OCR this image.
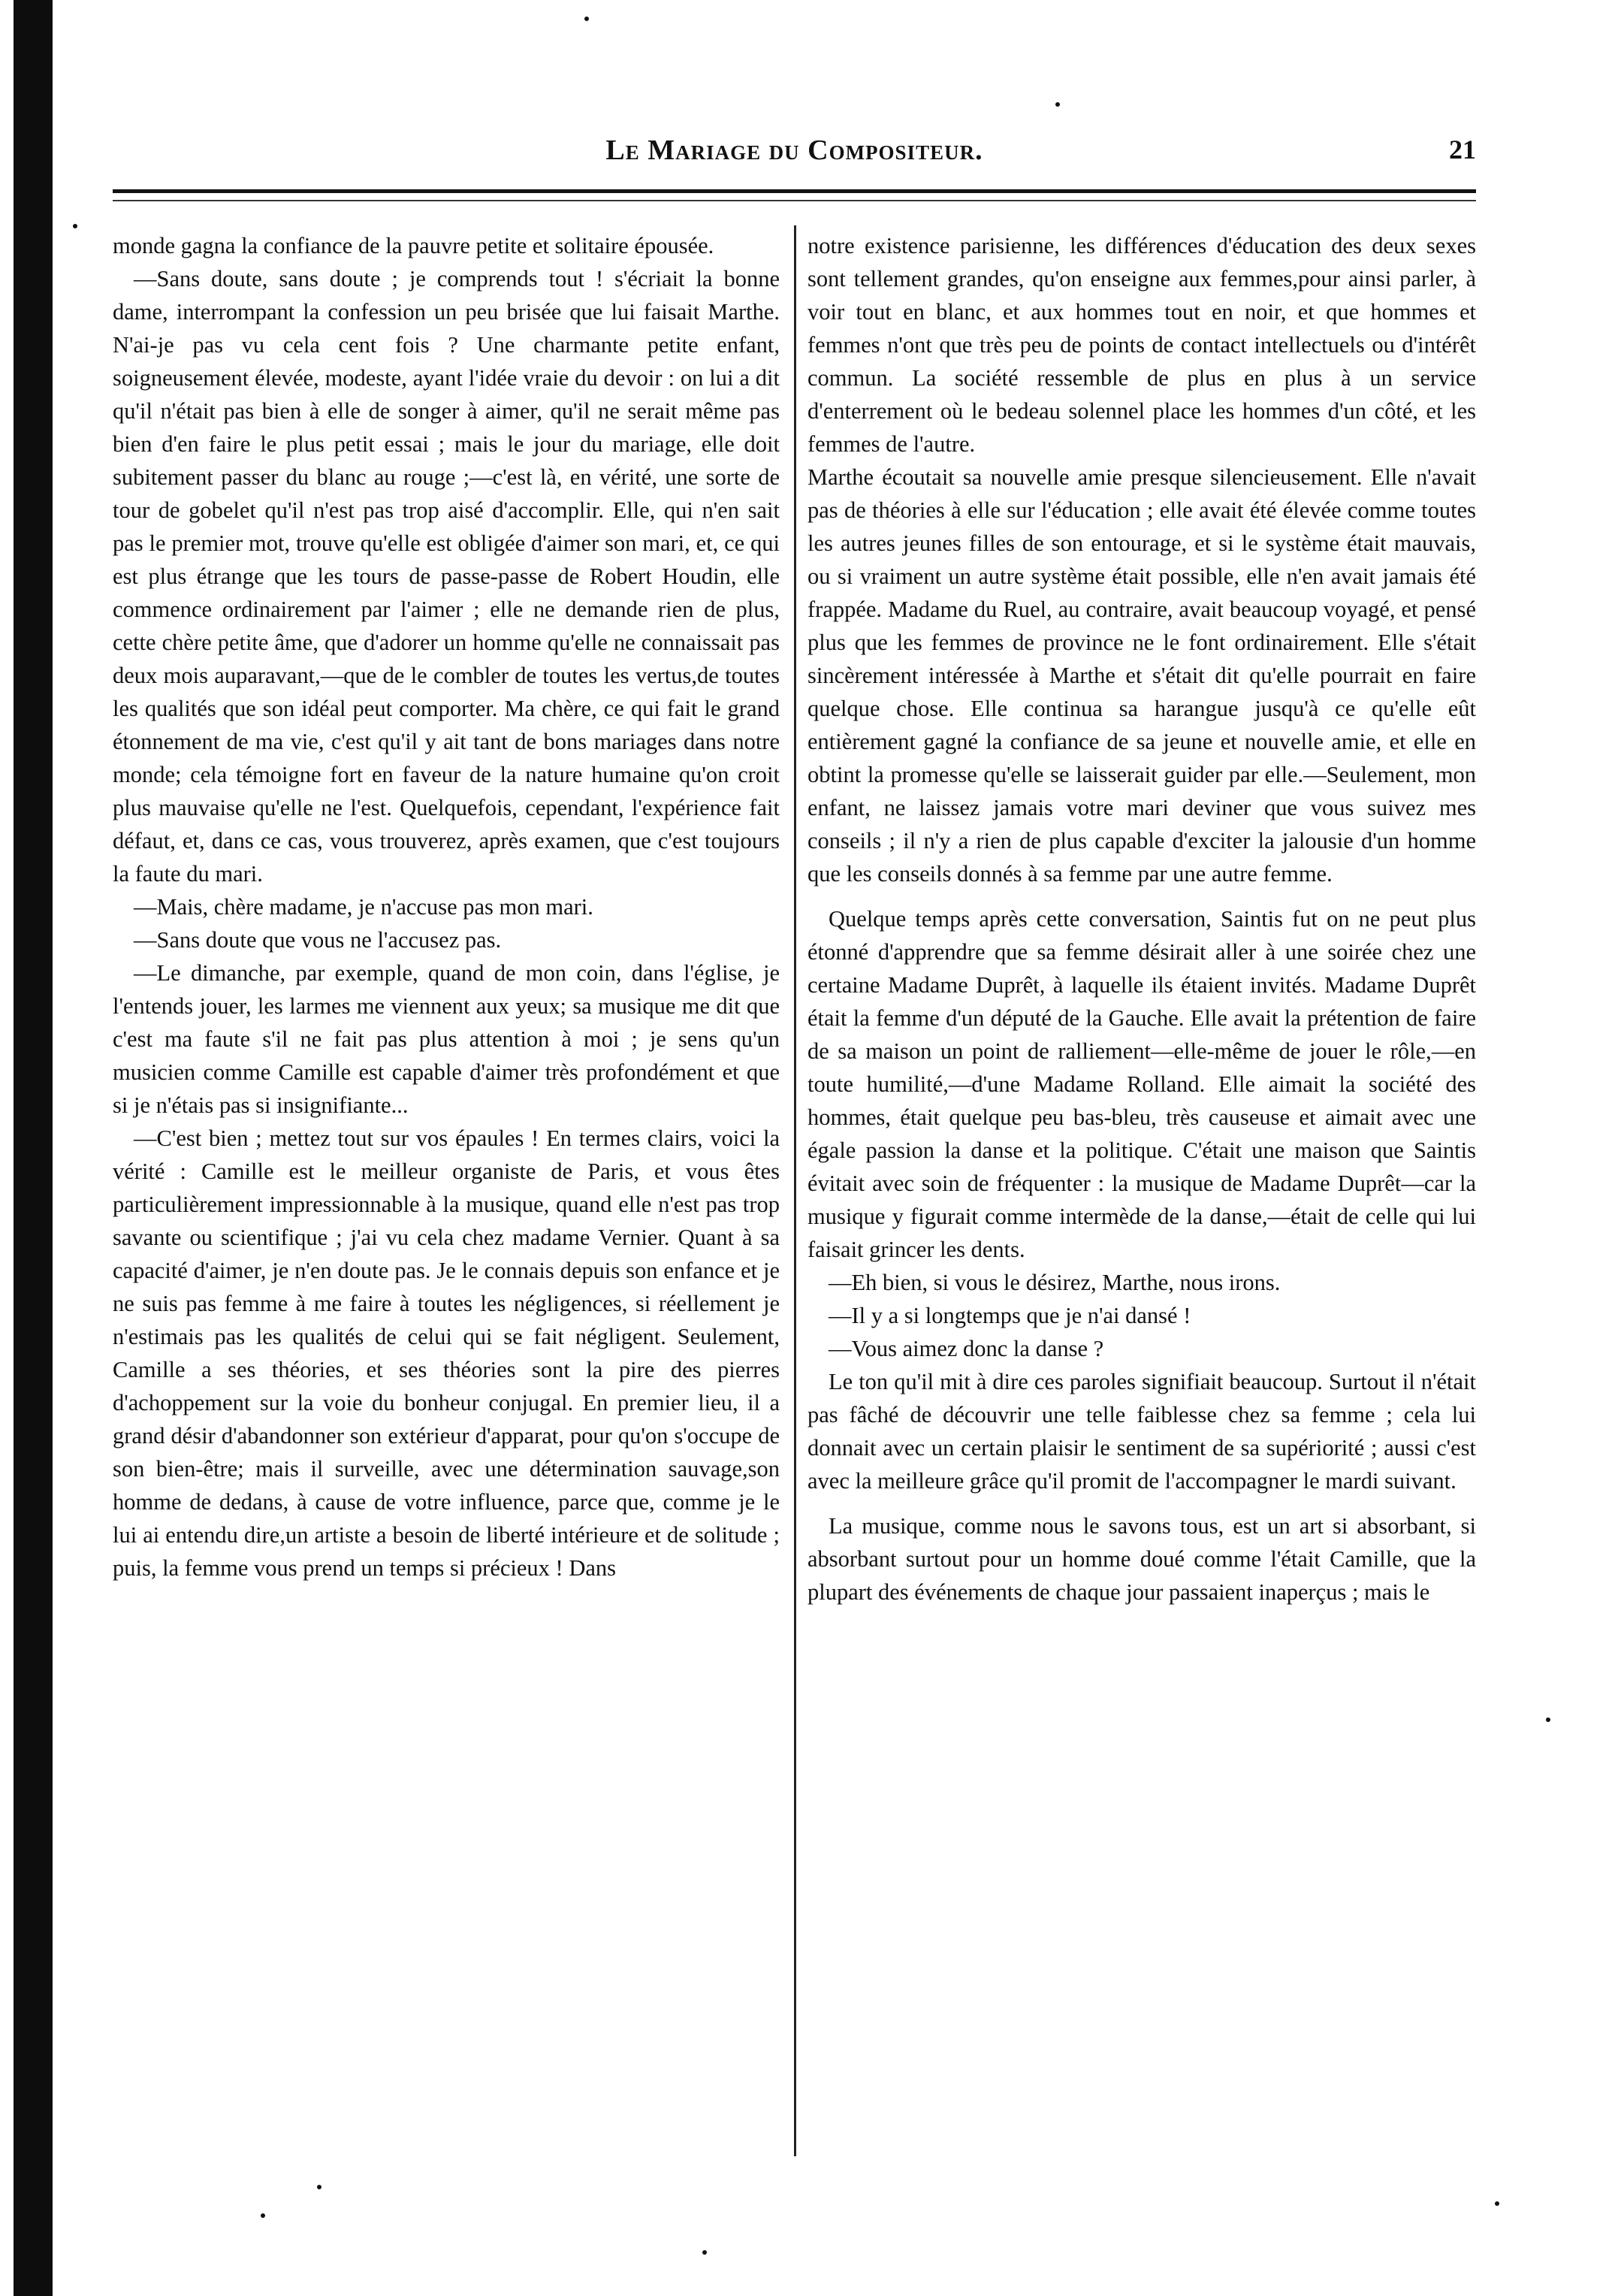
Le Mariage du Compositeur.	21

monde gagna la confiance de la pauvre petite et solitaire épousée.

—Sans doute, sans doute ; je comprends tout ! s'écriait la bonne dame, interrompant la confession un peu brisée que lui faisait Marthe. N'ai-je pas vu cela cent fois ? Une charmante petite enfant, soigneusement élevée, modeste, ayant l'idée vraie du devoir : on lui a dit qu'il n'était pas bien à elle de songer à aimer, qu'il ne serait même pas bien d'en faire le plus petit essai ; mais le jour du mariage, elle doit subitement passer du blanc au rouge ;—c'est là, en vérité, une sorte de tour de gobelet qu'il n'est pas trop aisé d'accomplir. Elle, qui n'en sait pas le premier mot, trouve qu'elle est obligée d'aimer son mari, et, ce qui est plus étrange que les tours de passe-passe de Robert Houdin, elle commence ordinairement par l'aimer ; elle ne demande rien de plus, cette chère petite âme, que d'adorer un homme qu'elle ne connaissait pas deux mois auparavant,—que de le combler de toutes les vertus,de toutes les qualités que son idéal peut comporter. Ma chère, ce qui fait le grand étonnement de ma vie, c'est qu'il y ait tant de bons mariages dans notre monde; cela témoigne fort en faveur de la nature humaine qu'on croit plus mauvaise qu'elle ne l'est. Quelquefois, cependant, l'expérience fait défaut, et, dans ce cas, vous trouverez, après examen, que c'est toujours la faute du mari.

—Mais, chère madame, je n'accuse pas mon mari.

—Sans doute que vous ne l'accusez pas.

—Le dimanche, par exemple, quand de mon coin, dans l'église, je l'entends jouer, les larmes me viennent aux yeux; sa musique me dit que c'est ma faute s'il ne fait pas plus attention à moi ; je sens qu'un musicien comme Camille est capable d'aimer très profondément et que si je n'étais pas si insignifiante...

—C'est bien ; mettez tout sur vos épaules ! En termes clairs, voici la vérité : Camille est le meilleur organiste de Paris, et vous êtes particulièrement impressionnable à la musique, quand elle n'est pas trop savante ou scientifique ; j'ai vu cela chez madame Vernier. Quant à sa capacité d'aimer, je n'en doute pas. Je le connais depuis son enfance et je ne suis pas femme à me faire à toutes les négligences, si réellement je n'estimais pas les qualités de celui qui se fait négligent. Seulement, Camille a ses théories, et ses théories sont la pire des pierres d'achoppement sur la voie du bonheur conjugal. En premier lieu, il a grand désir d'abandonner son extérieur d'apparat, pour qu'on s'occupe de son bien-être; mais il surveille, avec une détermination sauvage,son homme de dedans, à cause de votre influence, parce que, comme je le lui ai entendu dire,un artiste a besoin de liberté intérieure et de solitude ; puis, la femme vous prend un temps si précieux ! Dans

notre existence parisienne, les différences d'éducation des deux sexes sont tellement grandes, qu'on enseigne aux femmes,pour ainsi parler, à voir tout en blanc, et aux hommes tout en noir, et que hommes et femmes n'ont que très peu de points de contact intellectuels ou d'intérêt commun. La société ressemble de plus en plus à un service d'enterrement où le bedeau solennel place les hommes d'un côté, et les femmes de l'autre.

Marthe écoutait sa nouvelle amie presque silencieusement. Elle n'avait pas de théories à elle sur l'éducation ; elle avait été élevée comme toutes les autres jeunes filles de son entourage, et si le système était mauvais, ou si vraiment un autre système était possible, elle n'en avait jamais été frappée. Madame du Ruel, au contraire, avait beaucoup voyagé, et pensé plus que les femmes de province ne le font ordinairement. Elle s'était sincèrement intéressée à Marthe et s'était dit qu'elle pourrait en faire quelque chose. Elle continua sa harangue jusqu'à ce qu'elle eût entièrement gagné la confiance de sa jeune et nouvelle amie, et elle en obtint la promesse qu'elle se laisserait guider par elle.—Seulement, mon enfant, ne laissez jamais votre mari deviner que vous suivez mes conseils ; il n'y a rien de plus capable d'exciter la jalousie d'un homme que les conseils donnés à sa femme par une autre femme.

Quelque temps après cette conversation, Saintis fut on ne peut plus étonné d'apprendre que sa femme désirait aller à une soirée chez une certaine Madame Duprêt, à laquelle ils étaient invités. Madame Duprêt était la femme d'un député de la Gauche. Elle avait la prétention de faire de sa maison un point de ralliement—elle-même de jouer le rôle,—en toute humilité,—d'une Madame Rolland. Elle aimait la société des hommes, était quelque peu bas-bleu, très causeuse et aimait avec une égale passion la danse et la politique. C'était une maison que Saintis évitait avec soin de fréquenter : la musique de Madame Duprêt—car la musique y figurait comme intermède de la danse,—était de celle qui lui faisait grincer les dents.

—Eh bien, si vous le désirez, Marthe, nous irons.

—Il y a si longtemps que je n'ai dansé !

—Vous aimez donc la danse ?

Le ton qu'il mit à dire ces paroles signifiait beaucoup. Surtout il n'était pas fâché de découvrir une telle faiblesse chez sa femme ; cela lui donnait avec un certain plaisir le sentiment de sa supériorité ; aussi c'est avec la meilleure grâce qu'il promit de l'accompagner le mardi suivant.

La musique, comme nous le savons tous, est un art si absorbant, si absorbant surtout pour un homme doué comme l'était Camille, que la plupart des événements de chaque jour passaient inaperçus ; mais le
